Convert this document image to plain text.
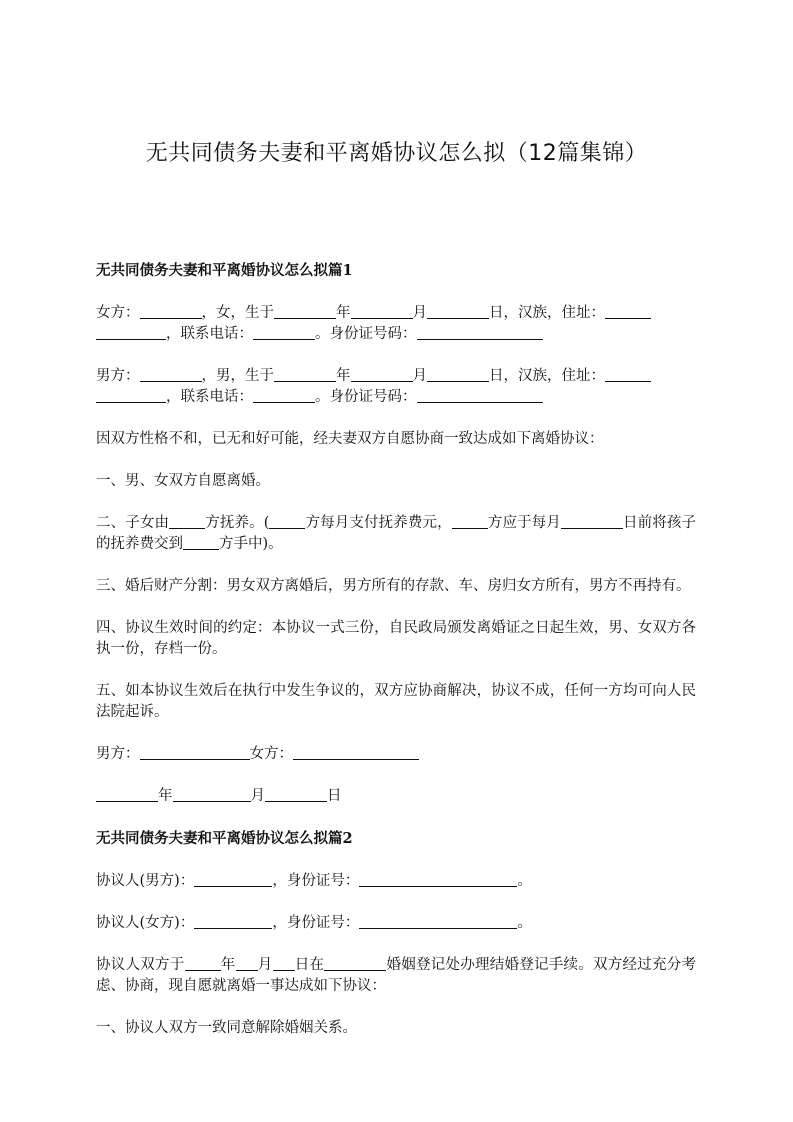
无共同债务夫妻和平离婚协议怎么拟（12篇集锦）
无共同债务夫妻和平离婚协议怎么拟篇1

女方：	，女，生于	年	月	日，汉族，住址：
，联系电话：	。身份证号码：

男方：	，男，生于	年	月	日，汉族，住址：
，联系电话：	。身份证号码：

因双方性格不和，已无和好可能，经夫妻双方自愿协商一致达成如下离婚协议：

一、男、女双方自愿离婚。

二、子女由 方抚养。( 方每月支付抚养费元， 方应于每月	日前将孩子的抚养费交到 方手中)。

三、婚后财产分割：男女双方离婚后，男方所有的存款、车、房归女方所有，男方不再持有。

四、协议生效时间的约定：本协议一式三份，自民政局颁发离婚证之日起生效，男、女双方各执一份，存档一份。

五、如本协议生效后在执行中发生争议的，双方应协商解决，协议不成，任何一方均可向人民法院起诉。

男方：	女方：

年	月	日

无共同债务夫妻和平离婚协议怎么拟篇2

协议人(男方)：	，身份证号：	。

协议人(女方)：	，身份证号：	。

协议人双方于 年 月 日在	婚姻登记处办理结婚登记手续。双方经过充分考虑、协商，现自愿就离婚一事达成如下协议：

一、协议人双方一致同意解除婚姻关系。
